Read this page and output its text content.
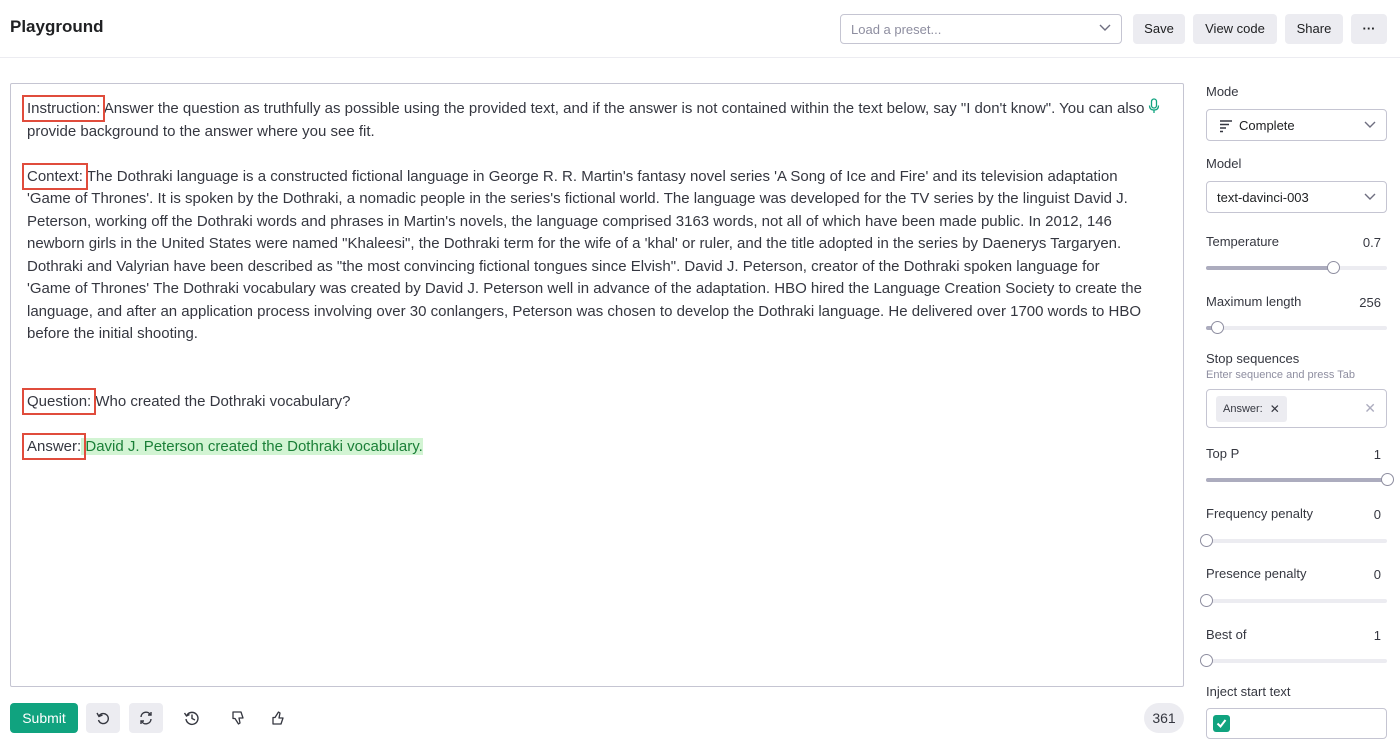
Playground	Load a preset...	Save	View code	Share	···

Instruction: Answer the question as truthfully as possible using the provided text, and if the answer is not contained within the text below, say "I don't know". You can also provide background to the answer where you see fit.

Context: The Dothraki language is a constructed fictional language in George R. R. Martin's fantasy novel series 'A Song of Ice and Fire' and its television adaptation 'Game of Thrones'. It is spoken by the Dothraki, a nomadic people in the series's fictional world. The language was developed for the TV series by the linguist David J. Peterson, working off the Dothraki words and phrases in Martin's novels, the language comprised 3163 words, not all of which have been made public. In 2012, 146 newborn girls in the United States were named "Khaleesi", the Dothraki term for the wife of a 'khal' or ruler, and the title adopted in the series by Daenerys Targaryen. Dothraki and Valyrian have been described as "the most convincing fictional tongues since Elvish". David J. Peterson, creator of the Dothraki spoken language for 'Game of Thrones' The Dothraki vocabulary was created by David J. Peterson well in advance of the adaptation. HBO hired the Language Creation Society to create the language, and after an application process involving over 30 conlangers, Peterson was chosen to develop the Dothraki language. He delivered over 1700 words to HBO before the initial shooting.

Question: Who created the Dothraki vocabulary?

Answer: David J. Peterson created the Dothraki vocabulary.

Submit	361
Mode
Complete
Model
text-davinci-003
Temperature	0.7
Maximum length	256
Stop sequences
Enter sequence and press Tab
Answer: ✕	✕
Top P	1
Frequency penalty	0
Presence penalty	0
Best of	1
Inject start text
